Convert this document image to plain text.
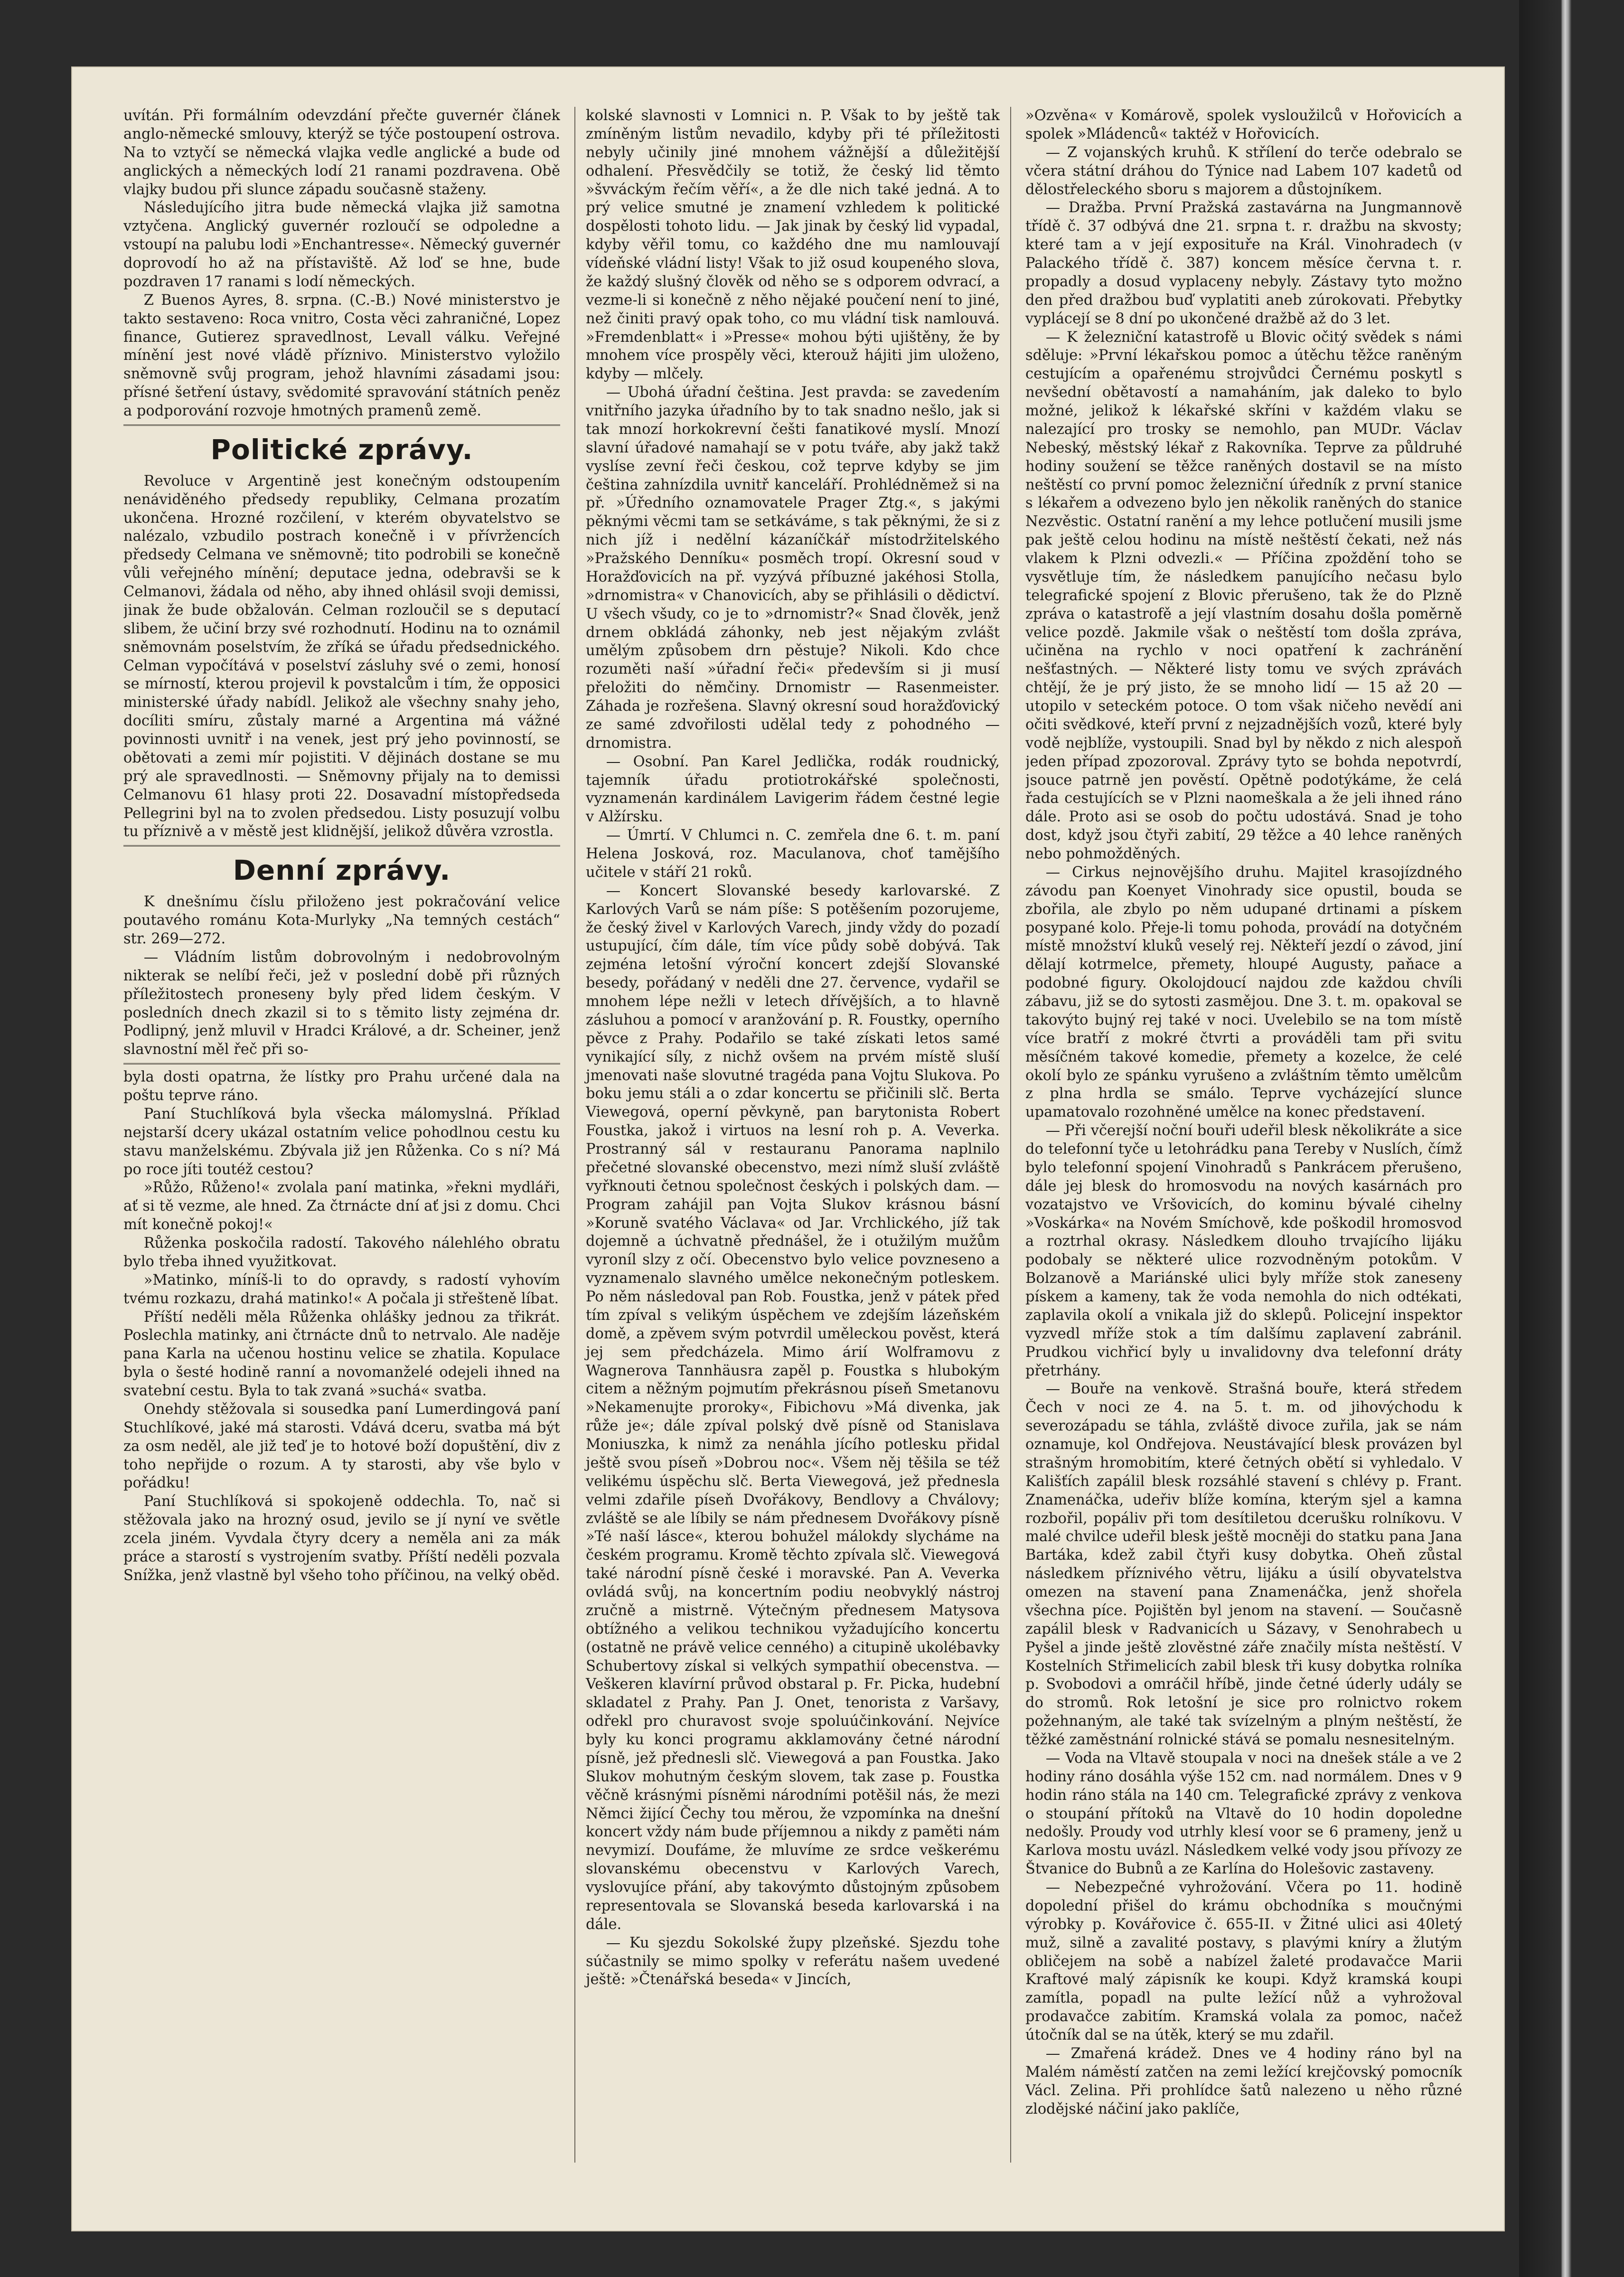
uvítán. Při formálním odevzdání přečte guvernér článek anglo-německé smlouvy, kterýž se týče postoupení ostrova. Na to vztyčí se německá vlajka vedle anglické a bude od anglických a německých lodí 21 ranami pozdravena. Obě vlajky budou při slunce západu současně staženy.

Následujícího jitra bude německá vlajka již samotna vztyčena. Anglický guvernér rozloučí se odpoledne a vstoupí na palubu lodi »Enchantresse«. Německý guvernér doprovodí ho až na přístaviště. Až loď se hne, bude pozdraven 17 ranami s lodí německých.

Z Buenos Ayres, 8. srpna. (C.-B.) Nové ministerstvo je takto sestaveno: Roca vnitro, Costa věci zahraničné, Lopez finance, Gutierez spravedlnost, Levall válku. Veřejné mínění jest nové vládě příznivo. Ministerstvo vyložilo sněmovně svůj program, jehož hlavními zásadami jsou: přísné šetření ústavy, svědomité spravování státních peněz a podporování rozvoje hmotných pramenů země.

Politické zprávy.

Revoluce v Argentině jest konečným odstoupením nenáviděného předsedy republiky, Celmana prozatím ukončena. Hrozné rozčilení, v kterém obyvatelstvo se nalézalo, vzbudilo postrach konečně i v přívržencích předsedy Celmana ve sněmovně; tito podrobili se konečně vůli veřejného mínění; deputace jedna, odebravši se k Celmanovi, žádala od něho, aby ihned ohlásil svoji demissi, jinak že bude obžalován. Celman rozloučil se s deputací slibem, že učiní brzy své rozhodnutí. Hodinu na to oznámil sněmovnám poselstvím, že zříká se úřadu předsednického. Celman vypočítává v poselství zásluhy své o zemi, honosí se mírností, kterou projevil k povstalcům i tím, že opposici ministerské úřady nabídl. Jelikož ale všechny snahy jeho, docíliti smíru, zůstaly marné a Argentina má vážné povinnosti uvnitř i na venek, jest prý jeho povinností, se obětovati a zemi mír pojistiti. V dějinách dostane se mu prý ale spravedlnosti. — Sněmovny přijaly na to demissi Celmanovu 61 hlasy proti 22. Dosavadní místopředseda Pellegrini byl na to zvolen předsedou. Listy posuzují volbu tu příznivě a v městě jest klidnější, jelikož důvěra vzrostla.

Denní zprávy.

K dnešnímu číslu přiloženo jest pokračování velice poutavého románu Kota-Murlyky „Na temných cestách“ str. 269—272.

— Vládním listům dobrovolným i nedobrovolným nikterak se nelíbí řeči, jež v poslední době při různých příležitostech proneseny byly před lidem českým. V posledních dnech zkazil si to s těmito listy zejména dr. Podlipný, jenž mluvil v Hradci Králové, a dr. Scheiner, jenž slavnostní měl řeč při so-

byla dosti opatrna, že lístky pro Prahu určené dala na poštu teprve ráno.

Paní Stuchlíková byla všecka málomyslná. Příklad nejstarší dcery ukázal ostatním velice pohodlnou cestu ku stavu manželskému. Zbývala již jen Růženka. Co s ní? Má po roce jíti toutéž cestou?

»Růžo, Růženo!« zvolala paní matinka, »řekni mydláři, ať si tě vezme, ale hned. Za čtrnácte dní ať jsi z domu. Chci mít konečně pokoj!«

Růženka poskočila radostí. Takového nálehlého obratu bylo třeba ihned využitkovat.

»Matinko, míníš-li to do opravdy, s radostí vyhovím tvému rozkazu, drahá matinko!« A počala ji střešteně líbat.

Příští neděli měla Růženka ohlášky jednou za třikrát. Poslechla matinky, ani čtrnácte dnů to netrvalo. Ale naděje pana Karla na učenou hostinu velice se zhatila. Kopulace byla o šesté hodině ranní a novomanželé odejeli ihned na svatební cestu. Byla to tak zvaná »suchá« svatba.

Onehdy stěžovala si sousedka paní Lumerdingová paní Stuchlíkové, jaké má starosti. Vdává dceru, svatba má být za osm neděl, ale již teď je to hotové boží dopuštění, div z toho nepřijde o rozum. A ty starosti, aby vše bylo v pořádku!

Paní Stuchlíková si spokojeně oddechla. To, nač si stěžovala jako na hrozný osud, jevilo se jí nyní ve světle zcela jiném. Vyvdala čtyry dcery a neměla ani za mák práce a starostí s vystrojením svatby. Příští neděli pozvala Snížka, jenž vlastně byl všeho toho příčinou, na velký oběd.

kolské slavnosti v Lomnici n. P. Však to by ještě tak zmíněným listům nevadilo, kdyby při té příležitosti nebyly učinily jiné mnohem vážnější a důležitější odhalení. Přesvědčily se totiž, že český lid těmto »švváckým řečím věří«, a že dle nich také jedná. A to prý velice smutné je znamení vzhledem k politické dospělosti tohoto lidu. — Jak jinak by český lid vypadal, kdyby věřil tomu, co každého dne mu namlouvají vídeňské vládní listy! Však to již osud koupeného slova, že každý slušný člověk od něho se s odporem odvrací, a vezme-li si konečně z něho nějaké poučení není to jiné, než činiti pravý opak toho, co mu vládní tisk namlouvá. »Fremdenblatt« i »Presse« mohou býti ujištěny, že by mnohem více prospěly věci, kterouž hájiti jim uloženo, kdyby — mlčely.

— Ubohá úřadní čeština. Jest pravda: se zavedením vnitřního jazyka úřadního by to tak snadno nešlo, jak si tak mnozí horkokrevní češti fanatikové myslí. Mnozí slavní úřadové namahají se v potu tváře, aby jakž takž vyslíse zevní řeči českou, což teprve kdyby se jim čeština zahnízdila uvnitř kanceláří. Prohlédněmež si na př. »Úředního oznamovatele Prager Ztg.«, s jakými pěknými věcmi tam se setkáváme, s tak pěknými, že si z nich jíž i nedělní kázaníčkář místodržitelského »Pražského Denníku« posměch tropí. Okresní soud v Horažďovicích na př. vyzývá příbuzné jakéhosi Stolla, »drnomistra« v Chanovicích, aby se přihlásili o dědictví. U všech všudy, co je to »drnomistr?« Snad člověk, jenž drnem obkládá záhonky, neb jest nějakým zvlášt umělým způsobem drn pěstuje? Nikoli. Kdo chce rozuměti naší »úřadní řeči« především si ji musí přeložiti do němčiny. Drnomistr — Rasenmeister. Záhada je rozřešena. Slavný okresní soud horažďovický ze samé zdvořilosti udělal tedy z pohodného — drnomistra.

— Osobní. Pan Karel Jedlička, rodák roudnický, tajemník úřadu protiotrokářské společnosti, vyznamenán kardinálem Lavigerim řádem čestné legie v Alžírsku.

— Úmrtí. V Chlumci n. C. zemřela dne 6. t. m. paní Helena Josková, roz. Maculanova, choť tamějšího učitele v stáří 21 roků.

— Koncert Slovanské besedy karlovarské. Z Karlových Varů se nám píše: S potěšením pozorujeme, že český živel v Karlových Varech, jindy vždy do pozadí ustupující, čím dále, tím více půdy sobě dobývá. Tak zejména letošní výroční koncert zdejší Slovanské besedy, pořádaný v neděli dne 27. července, vydařil se mnohem lépe nežli v letech dřívějších, a to hlavně zásluhou a pomocí v aranžování p. R. Foustky, operního pěvce z Prahy. Podařilo se také získati letos samé vynikající síly, z nichž ovšem na prvém místě sluší jmenovati naše slovutné tragéda pana Vojtu Slukova. Po boku jemu stáli a o zdar koncertu se přičinili slč. Berta Viewegová, operní pěvkyně, pan barytonista Robert Foustka, jakož i virtuos na lesní roh p. A. Veverka. Prostranný sál v restauranu Panorama naplnilo přečetné slovanské obecenstvo, mezi nímž sluší zvláště vyřknouti četnou společnost českých i polských dam. — Program zahájil pan Vojta Slukov krásnou básní »Koruně svatého Václava« od Jar. Vrchlického, jíž tak dojemně a úchvatně přednášel, že i otužilým mužům vyroníl slzy z očí. Obecenstvo bylo velice povzneseno a vyznamenalo slavného umělce nekonečným potleskem. Po něm následoval pan Rob. Foustka, jenž v pátek před tím zpíval s velikým úspěchem ve zdejším lázeňském domě, a zpěvem svým potvrdil uměleckou pověst, která jej sem předcházela. Mimo árií Wolframovu z Wagnerova Tannhäusra zapěl p. Foustka s hlubokým citem a něžným pojmutím překrásnou píseň Smetanovu »Nekamenujte proroky«, Fibichovu »Má divenka, jak růže je«; dále zpíval polský dvě písně od Stanislava Moniuszka, k nimž za nenáhla jícího potlesku přidal ještě svou píseň »Dobrou noc«. Všem něj těšila se též velikému úspěchu slč. Berta Viewegová, jež přednesla velmi zdařile píseň Dvořákovy, Bendlovy a Chválovy; zvláště se ale líbily se nám přednesem Dvořákovy písně »Té naší lásce«, kterou bohužel málokdy slycháme na českém programu. Kromě těchto zpívala slč. Viewegová také národní písně české i moravské. Pan A. Veverka ovládá svůj, na koncertním podiu neobvyklý nástroj zručně a mistrně. Výtečným přednesem Matysova obtížného a velikou technikou vyžadujícího koncertu (ostatně ne právě velice cenného) a citupině ukolébavky Schubertovy získal si velkých sympathií obecenstva. — Veškeren klavírní průvod obstaral p. Fr. Picka, hudební skladatel z Prahy. Pan J. Onet, tenorista z Varšavy, odřekl pro churavost svoje spoluúčinkování. Nejvíce byly ku konci programu akklamovány četné národní písně, jež přednesli slč. Viewegová a pan Foustka. Jako Slukov mohutným českým slovem, tak zase p. Foustka věčně krásnými písněmi národními potěšil nás, že mezi Němci žijící Čechy tou měrou, že vzpomínka na dnešní koncert vždy nám bude příjemnou a nikdy z paměti nám nevymizí. Doufáme, že mluvíme ze srdce veškerému slovanskému obecenstvu v Karlových Varech, vyslovujíce přání, aby takovýmto důstojným způsobem representovala se Slovanská beseda karlovarská i na dále.

— Ku sjezdu Sokolské župy plzeňské. Sjezdu tohe súčastnily se mimo spolky v referátu našem uvedené ještě: »Čtenářská beseda« v Jincích,

»Ozvěna« v Komárově, spolek vysloužilců v Hořovicích a spolek »Mládenců« taktéž v Hořovicích.

— Z vojanských kruhů. K střílení do terče odebralo se včera státní dráhou do Týnice nad Labem 107 kadetů od dělostřeleckého sboru s majorem a důstojníkem.

— Dražba. První Pražská zastavárna na Jungmannově třídě č. 37 odbývá dne 21. srpna t. r. dražbu na skvosty; které tam a v její exposituře na Král. Vinohradech (v Palackého třídě č. 387) koncem měsíce června t. r. propadly a dosud vyplaceny nebyly. Zástavy tyto možno den před dražbou buď vyplatiti aneb zúrokovati. Přebytky vyplácejí se 8 dní po ukončené dražbě až do 3 let.

— K železniční katastrofě u Blovic očitý svědek s námi sděluje: »První lékařskou pomoc a útěchu těžce raněným cestujícím a opařenému strojvůdci Černému poskytl s nevšední obětavostí a namaháním, jak daleko to bylo možné, jelikož k lékařské skříni v každém vlaku se nalezající pro trosky se nemohlo, pan MUDr. Václav Nebeský, městský lékař z Rakovníka. Teprve za půldruhé hodiny soužení se těžce raněných dostavil se na místo neštěstí co první pomoc železniční úředník z první stanice s lékařem a odvezeno bylo jen několik raněných do stanice Nezvěstic. Ostatní ranění a my lehce potlučení musili jsme pak ještě celou hodinu na místě neštěstí čekati, než nás vlakem k Plzni odvezli.« — Příčina zpoždění toho se vysvětluje tím, že následkem panujícího nečasu bylo telegrafické spojení z Blovic přerušeno, tak že do Plzně zpráva o katastrofě a její vlastním dosahu došla poměrně velice pozdě. Jakmile však o neštěstí tom došla zpráva, učiněna na rychlo v noci opatření k zachránění nešťastných. — Některé listy tomu ve svých zprávách chtějí, že je prý jisto, že se mnoho lidí — 15 až 20 — utopilo v seteckém potoce. O tom však ničeho nevědí ani očiti svědkové, kteří první z nejzadnějších vozů, které byly vodě nejblíže, vystoupili. Snad byl by někdo z nich alespoň jeden případ zpozoroval. Zprávy tyto se bohda nepotvrdí, jsouce patrně jen pověstí. Opětně podotýkáme, že celá řada cestujících se v Plzni naomeškala a že jeli ihned ráno dále. Proto asi se osob do počtu udostává. Snad je toho dost, když jsou čtyři zabití, 29 těžce a 40 lehce raněných nebo pohmožděných.

— Cirkus nejnovějšího druhu. Majitel krasojízdného závodu pan Koenyet Vinohrady sice opustil, bouda se zbořila, ale zbylo po něm udupané drtinami a pískem posypané kolo. Přeje-li tomu pohoda, provádí na dotyčném místě množství kluků veselý rej. Někteří jezdí o závod, jiní dělají kotrmelce, přemety, hloupé Augusty, paňace a podobné figury. Okolojdoucí najdou zde každou chvíli zábavu, již se do sytosti zasmějou. Dne 3. t. m. opakoval se takovýto bujný rej také v noci. Uvelebilo se na tom místě více bratří z mokré čtvrti a prováděli tam při svitu měsíčném takové komedie, přemety a kozelce, že celé okolí bylo ze spánku vyrušeno a zvláštním těmto umělcům z plna hrdla se smálo. Teprve vycházející slunce upamatovalo rozohněné umělce na konec představení.

— Při včerejší noční bouři udeřil blesk několikráte a sice do telefonní tyče u letohrádku pana Tereby v Nuslích, čímž bylo telefonní spojení Vinohradů s Pankrácem přerušeno, dále jej blesk do hromosvodu na nových kasárnách pro vozatajstvo ve Vršovicích, do kominu bývalé cihelny »Voskárka« na Novém Smíchově, kde poškodil hromosvod a roztrhal okrasy. Následkem dlouho trvajícího lijáku podobaly se některé ulice rozvodněným potokům. V Bolzanově a Mariánské ulici byly mříže stok zaneseny pískem a kameny, tak že voda nemohla do nich odtékati, zaplavila okolí a vnikala již do sklepů. Policejní inspektor vyzvedl mříže stok a tím dalšímu zaplavení zabránil. Prudkou vichřicí byly u invalidovny dva telefonní dráty přetrhány.

— Bouře na venkově. Strašná bouře, která středem Čech v noci ze 4. na 5. t. m. od jihovýchodu k severozápadu se táhla, zvláště divoce zuřila, jak se nám oznamuje, kol Ondřejova. Neustávající blesk provázen byl strašným hromobitím, které četných obětí si vyhledalo. V Kališťích zapálil blesk rozsáhlé stavení s chlévy p. Frant. Znamenáčka, udeřiv blíže komína, kterým sjel a kamna rozbořil, popáliv při tom desítiletou dcerušku rolníkovu. V malé chvilce udeřil blesk ještě mocněji do statku pana Jana Bartáka, kdež zabil čtyři kusy dobytka. Oheň zůstal následkem příznivého větru, lijáku a úsilí obyvatelstva omezen na stavení pana Znamenáčka, jenž shořela všechna píce. Pojištěn byl jenom na stavení. — Současně zapálil blesk v Radvanicích u Sázavy, v Senohrabech u Pyšel a jinde ještě zlověstné záře značily místa neštěstí. V Kostelních Střimelicích zabil blesk tři kusy dobytka rolníka p. Svobodovi a omráčil hříbě, jinde četné úderly udály se do stromů. Rok letošní je sice pro rolnictvo rokem požehnaným, ale také tak svízelným a plným neštěstí, že těžké zaměstnání rolnické stává se pomalu nesnesitelným.

— Voda na Vltavě stoupala v noci na dnešek stále a ve 2 hodiny ráno dosáhla výše 152 cm. nad normálem. Dnes v 9 hodin ráno stála na 140 cm. Telegrafické zprávy z venkova o stoupání přítoků na Vltavě do 10 hodin dopoledne nedošly. Proudy vod utrhly klesí voor se 6 prameny, jenž u Karlova mostu uvázl. Následkem velké vody jsou přívozy ze Štvanice do Bubnů a ze Karlína do Holešovic zastaveny.

— Nebezpečné vyhrožování. Včera po 11. hodině dopolední přišel do krámu obchodníka s moučnými výrobky p. Kovářovice č. 655-II. v Žitné ulici asi 40letý muž, silně a zavalité postavy, s plavými kníry a žlutým obličejem na sobě a nabízel žaleté prodavačce Marii Kraftové malý zápisník ke koupi. Když kramská koupi zamítla, popadl na pulte ležící nůž a vyhrožoval prodavačce zabitím. Kramská volala za pomoc, načež útočník dal se na útěk, který se mu zdařil.

— Zmařená krádež. Dnes ve 4 hodiny ráno byl na Malém náměstí zatčen na zemi ležící krejčovský pomocník Václ. Zelina. Při prohlídce šatů nalezeno u něho různé zlodějské náčiní jako paklíče,
